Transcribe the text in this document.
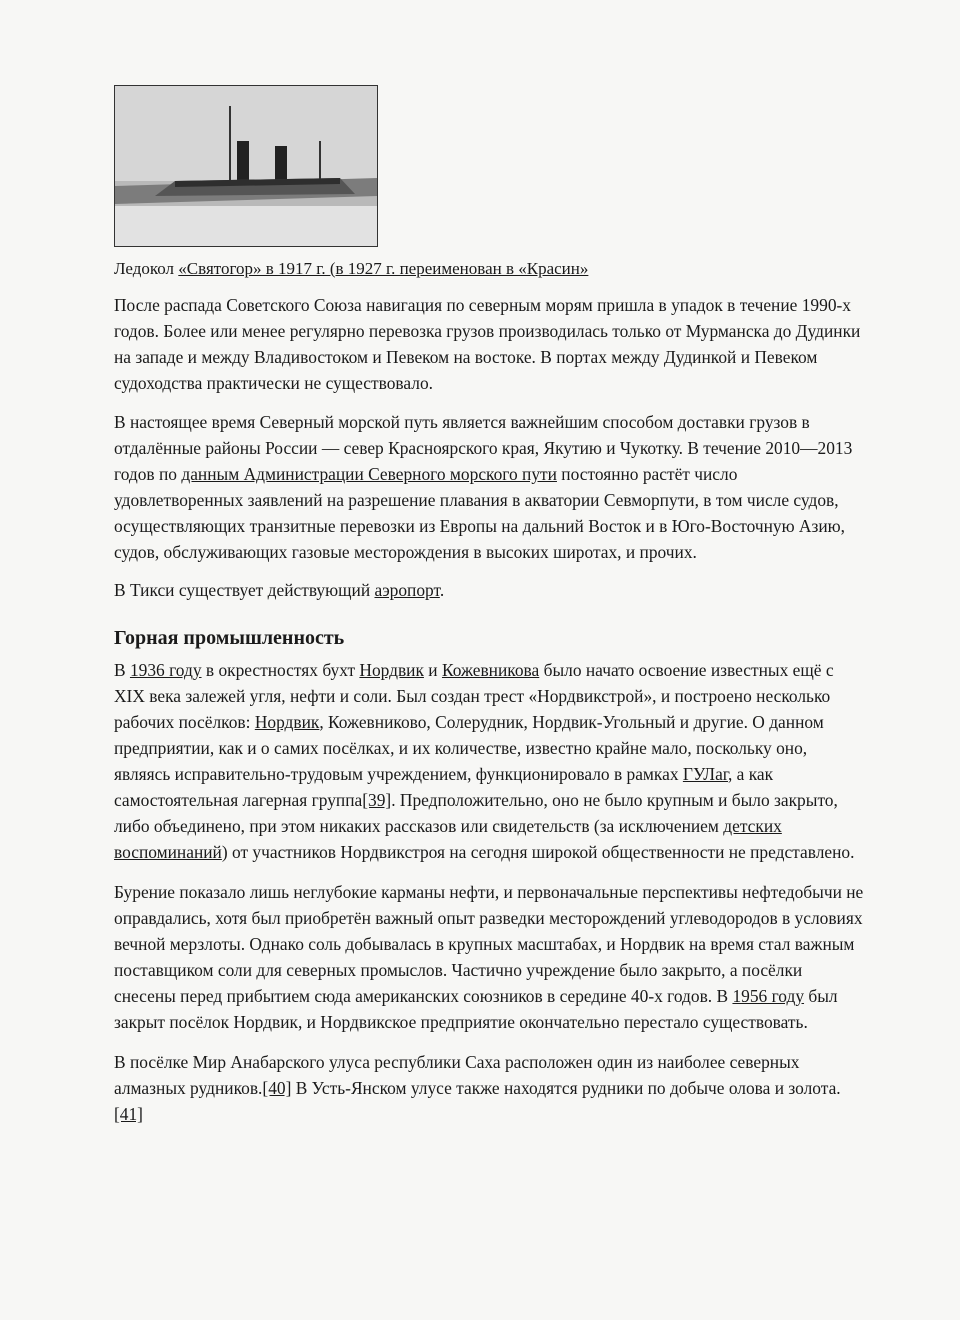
Ледокол «Святогор» в 1917 г. (в 1927 г. переименован в «Красин»

После распада Советского Союза навигация по северным морям пришла в упадок в течение 1990-х годов. Более или менее регулярно перевозка грузов производилась только от Мурманска до Дудинки на западе и между Владивостоком и Певеком на востоке. В портах между Дудинкой и Певеком судоходства практически не существовало.

В настоящее время Северный морской путь является важнейшим способом доставки грузов в отдалённые районы России — север Красноярского края, Якутию и Чукотку. В течение 2010—2013 годов по данным Администрации Северного морского пути постоянно растёт число удовлетворенных заявлений на разрешение плавания в акватории Севморпути, в том числе судов, осуществляющих транзитные перевозки из Европы на дальний Восток и в Юго-Восточную Азию, судов, обслуживающих газовые месторождения в высоких широтах, и прочих.

В Тикси существует действующий аэропорт.

Горная промышленность

В 1936 году в окрестностях бухт Нордвик и Кожевникова было начато освоение известных ещё с XIX века залежей угля, нефти и соли. Был создан трест «Нордвикстрой», и построено несколько рабочих посёлков: Нордвик, Кожевниково, Солерудник, Нордвик-Угольный и другие. О данном предприятии, как и о самих посёлках, и их количестве, известно крайне мало, поскольку оно, являясь исправительно-трудовым учреждением, функционировало в рамках ГУЛаг, а как самостоятельная лагерная группа[39]. Предположительно, оно не было крупным и было закрыто, либо объединено, при этом никаких рассказов или свидетельств (за исключением детских воспоминаний) от участников Нордвикстроя на сегодня широкой общественности не представлено.

Бурение показало лишь неглубокие карманы нефти, и первоначальные перспективы нефтедобычи не оправдались, хотя был приобретён важный опыт разведки месторождений углеводородов в условиях вечной мерзлоты. Однако соль добывалась в крупных масштабах, и Нордвик на время стал важным поставщиком соли для северных промыслов. Частично учреждение было закрыто, а посёлки снесены перед прибытием сюда американских союзников в середине 40-х годов. В 1956 году был закрыт посёлок Нордвик, и Нордвикское предприятие окончательно перестало существовать.

В посёлке Мир Анабарского улуса республики Саха расположен один из наиболее северных алмазных рудников.[40] В Усть-Янском улусе также находятся рудники по добыче олова и золота.[41]
